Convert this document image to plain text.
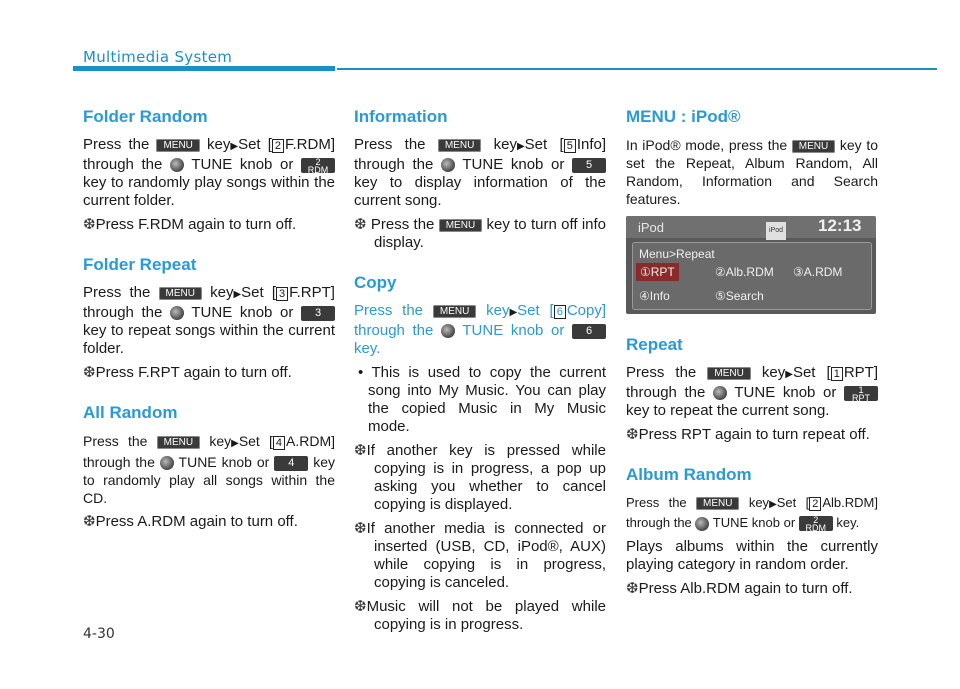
Multimedia System
Folder Random

Press the MENU key▶Set [ 2 F.RDM] through the TUNE knob or 2
RDM key to randomly play songs within the current folder.

❆ Press F.RDM again to turn off.

Folder Repeat

Press the MENU key▶Set [ 3 F.RPT] through the TUNE knob or 3 key to repeat songs within the current folder.

❆ Press F.RPT again to turn off.

All Random

Press the MENU key▶Set [ 4 A.RDM] through the TUNE knob or 4 key to randomly play all songs within the CD.

❆ Press A.RDM again to turn off.

Information

Press the MENU key▶Set [ 5 Info] through the TUNE knob or 5 key to display information of the current song.

❆ Press the MENU key to turn off info display.

Copy

Press the MENU key▶Set [ 6 Copy] through the TUNE knob or 6 key.

• This is used to copy the current song into My Music. You can play the copied Music in My Music mode.

❆ If another key is pressed while copying is in progress, a pop up asking you whether to cancel copying is displayed.

❆ If another media is connected or inserted (USB, CD, iPod®, AUX) while copying is in progress, copying is canceled.

❆ Music will not be played while copying is in progress.

MENU : iPod®

In iPod® mode, press the MENU key to set the Repeat, Album Random, All Random, Information and Search features.

iPod	iPod 12:13
Menu>Repeat
①RPT	②Alb.RDM ③A.RDM
④Info	⑤Search
Repeat

Press the MENU key▶Set [ 1 RPT] through the TUNE knob or 1
RPT key to repeat the current song.

❆ Press RPT again to turn repeat off.

Album Random

Press the MENU key▶Set [ 2 Alb.RDM] through the TUNE knob or 2
RDM key.

Plays albums within the currently playing category in random order.

❆ Press Alb.RDM again to turn off.

4-30
